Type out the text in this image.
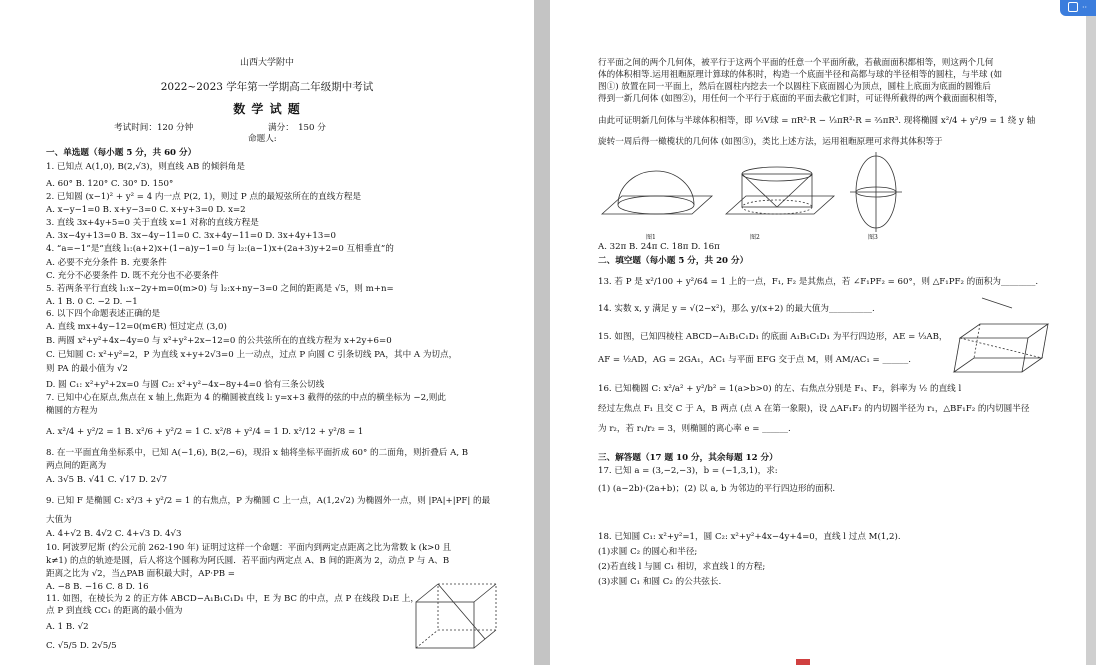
山西大学附中
2022~2023 学年第一学期高二年级期中考试
数 学 试 题
考试时间：120 分钟	满分：　150 分
命题人:
一、单选题（每小题 5 分，共 60 分）
1. 已知点 A(1,0), B(2,√3)，则直线 AB 的倾斜角是
A. 60° B. 120° C. 30° D. 150°
2. 已知圆 (x−1)² + y² = 4 内一点 P(2, 1)，则过 P 点的最短弦所在的直线方程是
A. x−y−1=0 B. x+y−3=0 C. x+y+3=0 D. x=2
3. 直线 3x+4y+5=0 关于直线 x=1 对称的直线方程是
A. 3x−4y+13=0 B. 3x−4y−11=0 C. 3x+4y−11=0 D. 3x+4y+13=0
4. “a=−1”是“直线 l₁:(a+2)x+(1−a)y−1=0 与 l₂:(a−1)x+(2a+3)y+2=0 互相垂直”的
A. 必要不充分条件 B. 充要条件
C. 充分不必要条件 D. 既不充分也不必要条件
5. 若两条平行直线 l₁:x−2y+m=0(m>0) 与 l₂:x+ny−3=0 之间的距离是 √5，则 m+n=
A. 1 B. 0 C. −2 D. −1
6. 以下四个命题表述正确的是
A. 直线 mx+4y−12=0(m∈R) 恒过定点 (3,0)
B. 两圆 x²+y²+4x−4y=0 与 x²+y²+2x−12=0 的公共弦所在的直线方程为 x+2y+6=0
C. 已知圆 C: x²+y²=2，P 为直线 x+y+2√3=0 上一动点，过点 P 向圆 C 引条切线 PA，其中 A 为切点，
则 PA 的最小值为 √2
D. 圆 C₁: x²+y²+2x=0 与圆 C₂: x²+y²−4x−8y+4=0 恰有三条公切线
7. 已知中心在原点,焦点在 x 轴上,焦距为 4 的椭圆被直线 l: y=x+3 截得的弦的中点的横坐标为 −2,则此
椭圆的方程为
A. x²/4 + y²/2 = 1 B. x²/6 + y²/2 = 1 C. x²/8 + y²/4 = 1 D. x²/12 + y²/8 = 1
8. 在一平面直角坐标系中，已知 A(−1,6), B(2,−6)，现沿 x 轴将坐标平面折成 60° 的二面角，则折叠后 A, B
两点间的距离为
A. 3√5 B. √41 C. √17 D. 2√7
9. 已知 F 是椭圆 C: x²/3 + y²/2 = 1 的右焦点，P 为椭圆 C 上一点，A(1,2√2) 为椭圆外一点，则 |PA|+|PF| 的最
大值为
A. 4+√2 B. 4√2 C. 4+√3 D. 4√3
10. 阿波罗尼斯 (约公元前 262-190 年) 证明过这样一个命题：平面内到两定点距离之比为常数 k (k>0 且
k≠1) 的点的轨迹是圆，后人将这个圆称为阿氏圆．若平面内两定点 A、B 间的距离为 2，动点 P 与 A、B
距离之比为 √2，当△PAB 面积最大时，AP·PB =
A. −8 B. −16 C. 8 D. 16
11. 如图，在棱长为 2 的正方体 ABCD−A₁B₁C₁D₁ 中，E 为 BC 的中点，点 P 在线段 D₁E 上，
点 P 到直线 CC₁ 的距离的最小值为
A. 1 B. √2
C. √5/5 D. 2√5/5
行平面之间的两个几何体，被平行于这两个平面的任意一个平面所截，若截面面积都相等，则这两个几何
体的体积相等.运用祖暅原理计算球的体积时，构造一个底面半径和高都与球的半径相等的圆柱，与半球 (如
图①) 放置在同一平面上，然后在圆柱内挖去一个以圆柱下底面圆心为顶点，圆柱上底面为底面的圆锥后
得到一新几何体 (如图②)，用任何一个平行于底面的平面去截它们时，可证得所截得的两个截面面积相等，
由此可证明新几何体与半球体积相等，即 ½V球 = πR²·R − ⅓πR²·R = ⅔πR³. 现将椭圆 x²/4 + y²/9 = 1 绕 y 轴
旋转一周后得一橄榄状的几何体 (如图③)，类比上述方法，运用祖暅原理可求得其体积等于
图1	图2	图3
A. 32π B. 24π C. 18π D. 16π
二、填空题（每小题 5 分，共 20 分）
13. 若 P 是 x²/100 + y²/64 = 1 上的一点，F₁, F₂ 是其焦点，若 ∠F₁PF₂ = 60°，则 △F₁PF₂ 的面积为________.
14. 实数 x, y 满足 y = √(2−x²)，那么 y/(x+2) 的最大值为__________.
15. 如图，已知四棱柱 ABCD−A₁B₁C₁D₁ 的底面 A₁B₁C₁D₁ 为平行四边形，AE = ⅓AB，
AF = ½AD，AG = 2GA₁，AC₁ 与平面 EFG 交于点 M，则 AM/AC₁ = ______.
16. 已知椭圆 C: x²/a² + y²/b² = 1(a>b>0) 的左、右焦点分别是 F₁、F₂，斜率为 ½ 的直线 l
经过左焦点 F₁ 且交 C 于 A，B 两点 (点 A 在第一象限)，设 △AF₁F₂ 的内切圆半径为 r₁，△BF₁F₂ 的内切圆半径
为 r₂，若 r₁/r₂ = 3，则椭圆的离心率 e = ______.
三、解答题（17 题 10 分，其余每题 12 分）
17. 已知 a = (3,−2,−3)，b = (−1,3,1)，求:
(1) (a−2b)·(2a+b)；(2) 以 a, b 为邻边的平行四边形的面积.
18. 已知圆 C₁: x²+y²=1，圆 C₂: x²+y²+4x−4y+4=0，直线 l 过点 M(1,2).
(1)求圆 C₂ 的圆心和半径;
(2)若直线 l 与圆 C₁ 相切，求直线 l 的方程;
(3)求圆 C₁ 和圆 C₂ 的公共弦长.
··
